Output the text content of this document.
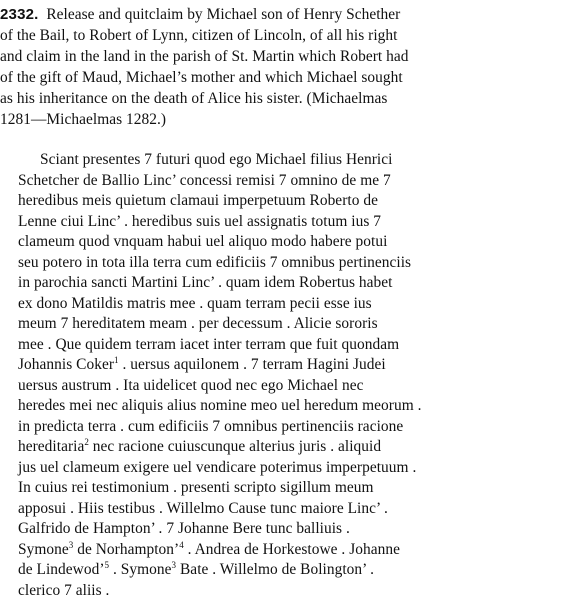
2332. Release and quitclaim by Michael son of Henry Schether
of the Bail, to Robert of Lynn, citizen of Lincoln, of all his right
and claim in the land in the parish of St. Martin which Robert had
of the gift of Maud, Michael’s mother and which Michael sought
as his inheritance on the death of Alice his sister. (Michaelmas
1281—Michaelmas 1282.)
Sciant presentes 7 futuri quod ego Michael filius Henrici
Schetcher de Ballio Linc’ concessi remisi 7 omnino de me 7
heredibus meis quietum clamaui imperpetuum Roberto de
Lenne ciui Linc’ . heredibus suis uel assignatis totum ius 7
clameum quod vnquam habui uel aliquo modo habere potui
seu potero in tota illa terra cum edificiis 7 omnibus pertinenciis
in parochia sancti Martini Linc’ . quam idem Robertus habet
ex dono Matildis matris mee . quam terram pecii esse ius
meum 7 hereditatem meam . per decessum . Alicie sororis
mee . Que quidem terram iacet inter terram que fuit quondam
Johannis Coker$^1$ . uersus aquilonem . 7 terram Hagini Judei
uersus austrum . Ita uidelicet quod nec ego Michael nec
heredes mei nec aliquis alius nomine meo uel heredum meorum .
in predicta terra . cum edificiis 7 omnibus pertinenciis racione
hereditaria$^2$ nec racione cuiuscunque alterius juris . aliquid
jus uel clameum exigere uel vendicare poterimus imperpetuum .
In cuius rei testimonium . presenti scripto sigillum meum
apposui . Hiis testibus . Willelmo Cause tunc maiore Linc’ .
Galfrido de Hampton’ . 7 Johanne Bere tunc balliuis .
Symone$^3$ de Norhampton’$^4$ . Andrea de Horkestowe . Johanne
de Lindewod’$^5$ . Symone$^3$ Bate . Willelmo de Bolington’ .
clerico 7 aliis .
